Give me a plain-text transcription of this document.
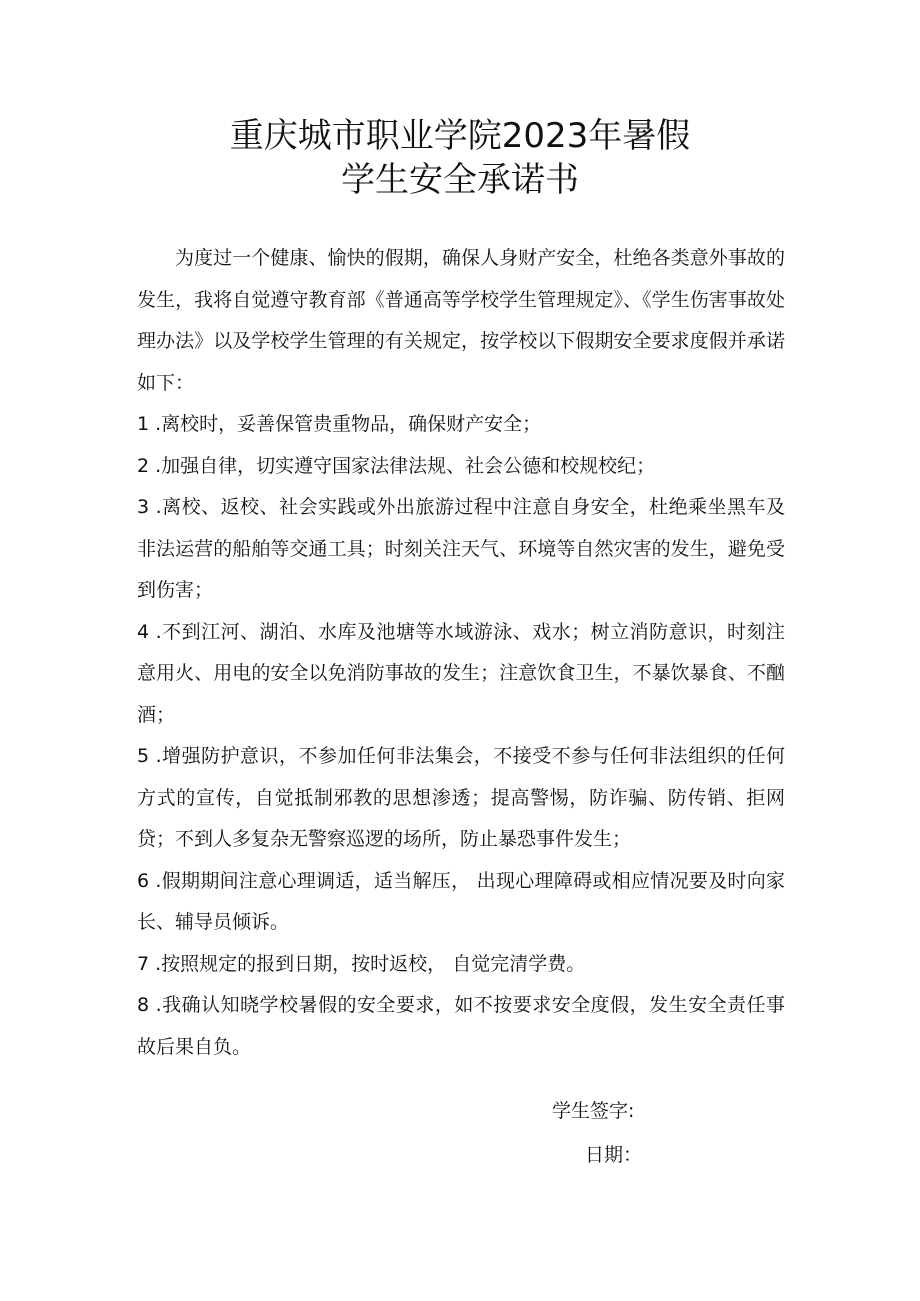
重庆城市职业学院2023年暑假
学生安全承诺书

为度过一个健康、愉快的假期，确保人身财产安全，杜绝各类意外事故的发生，我将自觉遵守教育部《普通高等学校学生管理规定》、《学生伤害事故处理办法》以及学校学生管理的有关规定，按学校以下假期安全要求度假并承诺如下：

1 .离校时，妥善保管贵重物品，确保财产安全；

2 .加强自律，切实遵守国家法律法规、社会公德和校规校纪；

3 .离校、返校、社会实践或外出旅游过程中注意自身安全，杜绝乘坐黑车及非法运营的船舶等交通工具；时刻关注天气、环境等自然灾害的发生，避免受到伤害；

4 .不到江河、湖泊、水库及池塘等水域游泳、戏水；树立消防意识，时刻注意用火、用电的安全以免消防事故的发生；注意饮食卫生，不暴饮暴食、不酗酒；

5 .增强防护意识，不参加任何非法集会，不接受不参与任何非法组织的任何方式的宣传，自觉抵制邪教的思想渗透；提高警惕，防诈骗、防传销、拒网贷；不到人多复杂无警察巡逻的场所，防止暴恐事件发生；

6 .假期期间注意心理调适，适当解压， 出现心理障碍或相应情况要及时向家长、辅导员倾诉。

7 .按照规定的报到日期，按时返校， 自觉完清学费。

8 .我确认知晓学校暑假的安全要求，如不按要求安全度假，发生安全责任事故后果自负。

学生签字:
日期：
